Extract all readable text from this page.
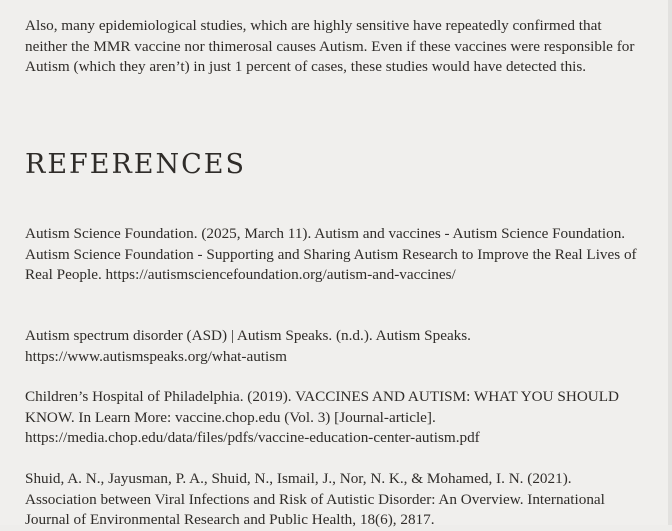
Also, many epidemiological studies, which are highly sensitive have repeatedly confirmed that neither the MMR vaccine nor thimerosal causes Autism. Even if these vaccines were responsible for Autism (which they aren’t) in just 1 percent of cases, these studies would have detected this.

REFERENCES

Autism Science Foundation. (2025, March 11). Autism and vaccines - Autism Science Foundation. Autism Science Foundation - Supporting and Sharing Autism Research to Improve the Real Lives of Real People. https://autismsciencefoundation.org/autism-and-vaccines/

Autism spectrum disorder (ASD) | Autism Speaks. (n.d.). Autism Speaks. https://www.autismspeaks.org/what-autism

Children’s Hospital of Philadelphia. (2019). VACCINES AND AUTISM: WHAT YOU SHOULD KNOW. In Learn More: vaccine.chop.edu (Vol. 3) [Journal-article]. https://media.chop.edu/data/files/pdfs/vaccine-education-center-autism.pdf

Shuid, A. N., Jayusman, P. A., Shuid, N., Ismail, J., Nor, N. K., & Mohamed, I. N. (2021). Association between Viral Infections and Risk of Autistic Disorder: An Overview. International Journal of Environmental Research and Public Health, 18(6), 2817.
